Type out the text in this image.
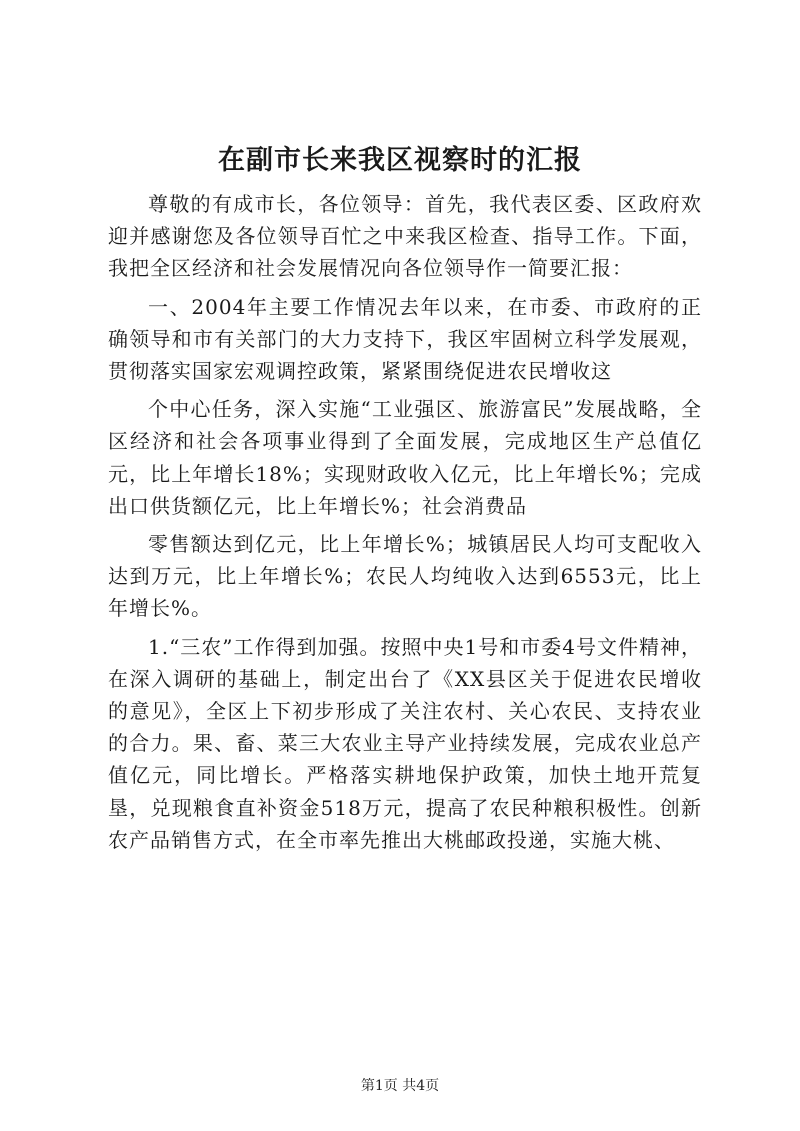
在副市长来我区视察时的汇报

尊敬的有成市长，各位领导：首先，我代表区委、区政府欢迎并感谢您及各位领导百忙之中来我区检查、指导工作。下面，我把全区经济和社会发展情况向各位领导作一简要汇报：

一、2004年主要工作情况去年以来，在市委、市政府的正确领导和市有关部门的大力支持下，我区牢固树立科学发展观，贯彻落实国家宏观调控政策，紧紧围绕促进农民增收这

个中心任务，深入实施“工业强区、旅游富民”发展战略，全区经济和社会各项事业得到了全面发展，完成地区生产总值亿元，比上年增长18%；实现财政收入亿元，比上年增长%；完成出口供货额亿元，比上年增长%；社会消费品

零售额达到亿元，比上年增长%；城镇居民人均可支配收入达到万元，比上年增长%；农民人均纯收入达到6553元，比上年增长%。

1.“三农”工作得到加强。按照中央1号和市委4号文件精神，在深入调研的基础上，制定出台了《XX县区关于促进农民增收的意见》，全区上下初步形成了关注农村、关心农民、支持农业的合力。果、畜、菜三大农业主导产业持续发展，完成农业总产值亿元，同比增长。严格落实耕地保护政策，加快土地开荒复垦，兑现粮食直补资金518万元，提高了农民种粮积极性。创新农产品销售方式，在全市率先推出大桃邮政投递，实施大桃、

第1页 共4页
